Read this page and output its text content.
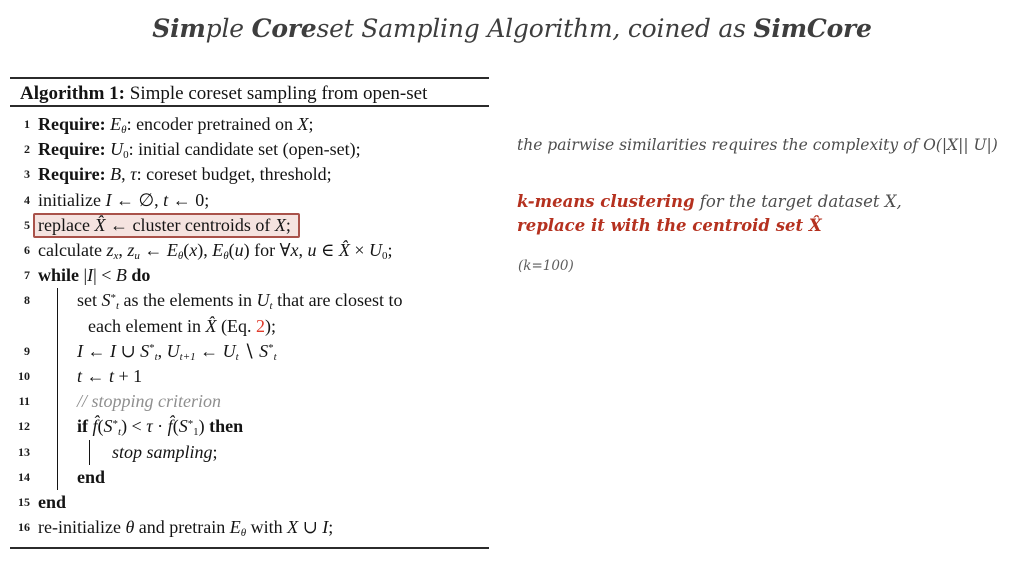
Simple Coreset Sampling Algorithm, coined as SimCore
Algorithm 1: Simple coreset sampling from open-set
1 Require: Eθ: encoder pretrained on X;
2 Require: U0: initial candidate set (open-set);
3 Require: B, τ: coreset budget, threshold;
4 initialize I ← ∅, t ← 0;
5 replace X̂ ← cluster centroids of X;
6 calculate zx, zu ← Eθ(x), Eθ(u) for ∀x, u ∈ X̂ × U0;
7 while |I| < B do
8	set S*t as the elements in Ut that are closest to
each element in X̂ (Eq. 2);
9	I ← I ∪ S*t, Ut+1 ← Ut ∖ S*t
10	t ← t + 1
11	// stopping criterion
12	if f̂(S*t) < τ · f̂(S*1) then
13	stop sampling;
14	end
15 end
16 re-initialize θ and pretrain Eθ with X ∪ I;
the pairwise similarities requires the complexity of O(|X|| U|)
k-means clustering for the target dataset X,
replace it with the centroid set X̂
(k=100)
